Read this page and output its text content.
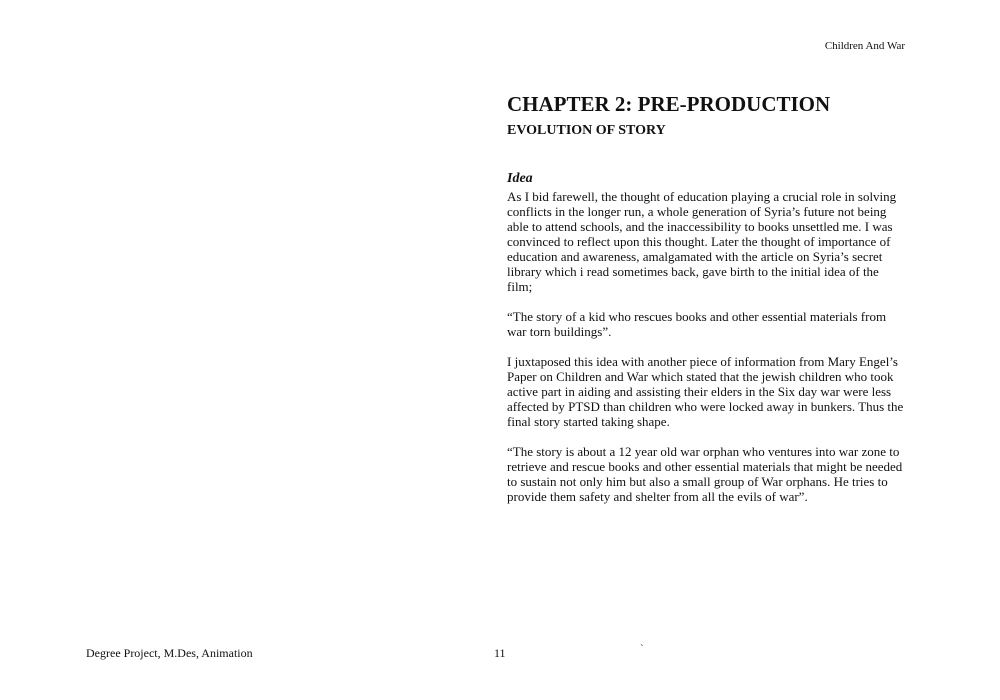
Children And War
CHAPTER 2: PRE-PRODUCTION
EVOLUTION OF STORY
Idea

As I bid farewell, the thought of education playing a crucial role in solving conflicts in the longer run, a whole generation of Syria’s future not being able to attend schools, and the inaccessibility to books unsettled me. I was convinced to reflect upon this thought. Later the thought of importance of education and awareness, amalgamated with the article on Syria’s secret library which i read sometimes back, gave birth to the initial idea of the film;

“The story of a kid who rescues books and other essential materials from war torn buildings”.

I juxtaposed this idea with another piece of information from Mary Engel’s Paper on Children and War which stated that the jewish children who took active part in aiding and assisting their elders in the Six day war were less affected by PTSD than children who were locked away in bunkers. Thus the final story started taking shape.

“The story is about a 12 year old war orphan who ventures into war zone to retrieve and rescue books and other essential materials that might be needed to sustain not only him but also a small group of War orphans. He tries to provide them safety and shelter from all the evils of war”.

Degree Project, M.Des, Animation	11	`
